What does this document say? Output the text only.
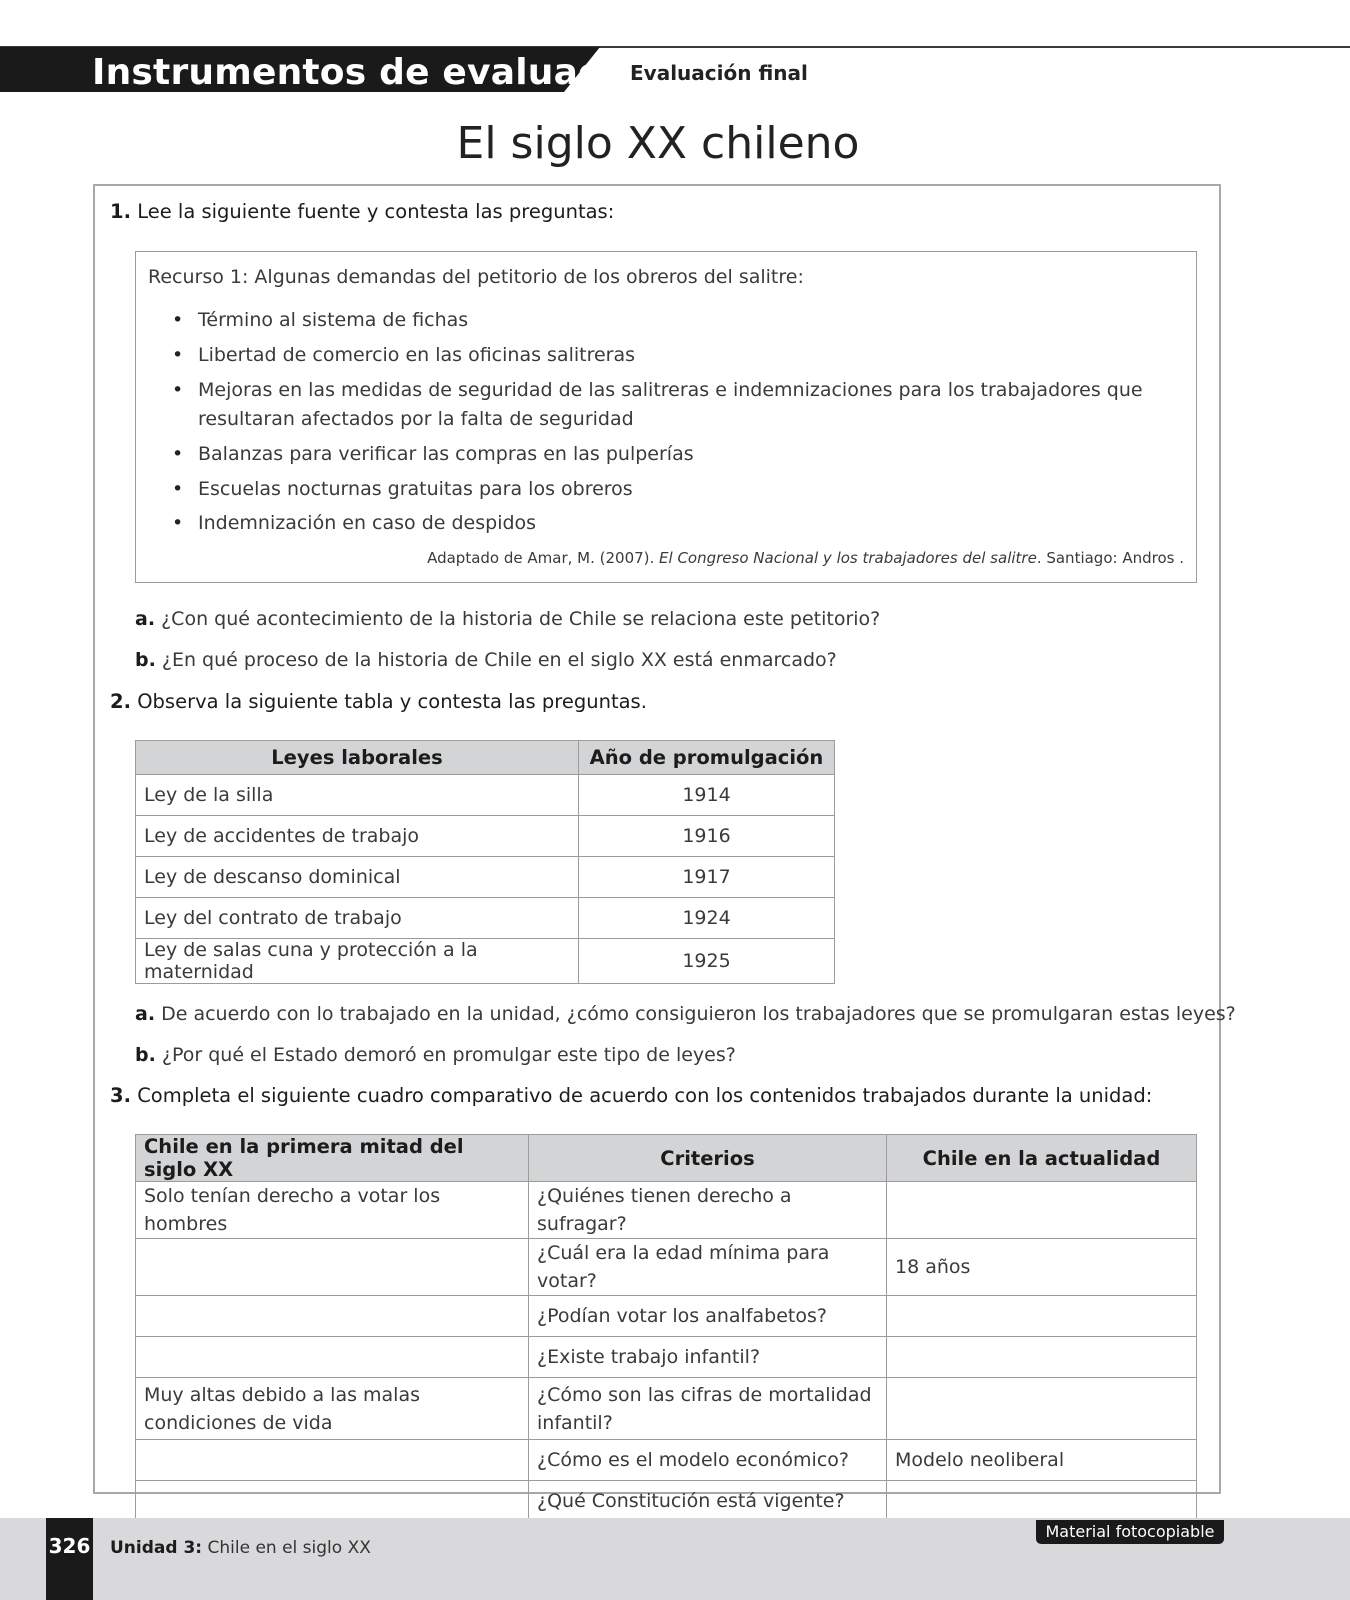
Instrumentos de evaluación
Evaluación final
El siglo XX chileno
1. Lee la siguiente fuente y contesta las preguntas:
Recurso 1: Algunas demandas del petitorio de los obreros del salitre:
• Término al sistema de fichas
• Libertad de comercio en las oficinas salitreras
• Mejoras en las medidas de seguridad de las salitreras e indemnizaciones para los trabajadores que resultaran afectados por la falta de seguridad
• Balanzas para verificar las compras en las pulperías
• Escuelas nocturnas gratuitas para los obreros
• Indemnización en caso de despidos
Adaptado de Amar, M. (2007). El Congreso Nacional y los trabajadores del salitre. Santiago: Andros .
a. ¿Con qué acontecimiento de la historia de Chile se relaciona este petitorio?
b. ¿En qué proceso de la historia de Chile en el siglo XX está enmarcado?
2. Observa la siguiente tabla y contesta las preguntas.
Leyes laborales	Año de promulgación
Ley de la silla	1914
Ley de accidentes de trabajo	1916
Ley de descanso dominical	1917
Ley del contrato de trabajo	1924
Ley de salas cuna y protección a la maternidad	1925
a. De acuerdo con lo trabajado en la unidad, ¿cómo consiguieron los trabajadores que se promulgaran estas leyes?
b. ¿Por qué el Estado demoró en promulgar este tipo de leyes?
3. Completa el siguiente cuadro comparativo de acuerdo con los contenidos trabajados durante la unidad:
Chile en la primera mitad del siglo XX	Criterios	Chile en la actualidad
Solo tenían derecho a votar los hombres	¿Quiénes tienen derecho a sufragar?	
	¿Cuál era la edad mínima para votar?	18 años
	¿Podían votar los analfabetos?	
	¿Existe trabajo infantil?	
Muy altas debido a las malas condiciones de vida	¿Cómo son las cifras de mortalidad infantil?	
	¿Cómo es el modelo económico?	Modelo neoliberal
	¿Qué Constitución está vigente?	
326 Unidad 3: Chile en el siglo XX
Material fotocopiable
